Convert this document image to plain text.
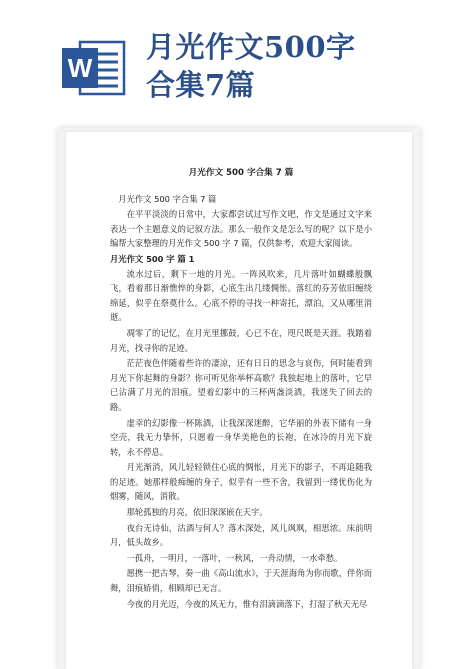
W
月光作文500字
合集7篇

月光作文 500 字合集 7 篇

月光作文 500 字合集 7 篇

在平平淡淡的日常中，大家都尝试过写作文吧，作文是通过文字来表达一个主题意义的记叙方法。那么一般作文是怎么写的呢？以下是小编帮大家整理的月光作文 500 字 7 篇，仅供参考，欢迎大家阅读。

月光作文 500 字 篇 1

流水过后，剩下一地的月光。一阵风吹来，几片落叶如蝴蝶般飘飞，看着那日渐憔悴的身影，心底生出几缕惆怅。落红的芬芳依旧缠绕绵延，似乎在祭奠什么。心底不停的寻找一种寄托，漂泊，又从哪里消逝。

凋零了的记忆，在月光里挪鼓，心已不在，咫尺既是天涯。我踏着月光，找寻你的足迹。

茫茫夜色伴随着些许的凄凉，还有日日的思念与哀伤，何时能看到月光下你起舞的身影？你可听见你举杯高歌？我独起地上的落叶，它早已沾满了月光的泪痕。望着幻影中的三杯两盏淡酒，我迷失了回去的路。

虚幸的幻影像一杯陈酒，让我深深迷醉，它华丽的外表下储有一身空壳，我无力挚怀，只愿着一身华美艳色的长袍，在冰冷的月光下旋转，永不停息。

月光渐消，风儿轻轻锁住心底的惆怅，月光下的影子，不再追随我的足迹。她那样般痴缠的身子，似乎有一些不舍，我留到一缕优伤化为烟雾，随风，消散。

那轮孤独的月亮，依旧深深嵌在天宇。

夜台无诗仙，沽酒与何人？落木深处，风儿飒飒，相思浓。床前明月，低头故乡。

一孤舟，一明月，一落叶，一秋风，一舟动情，一水牵愁。

愿携一把古琴，奏一曲《高山流水》，于天涯海角为你而歌，伴你而舞，泪痕娇俏，相顾却已无言。

今夜的月光迈，今夜的风无力，惟有泪滴滴落下，打湿了秋天无尽
